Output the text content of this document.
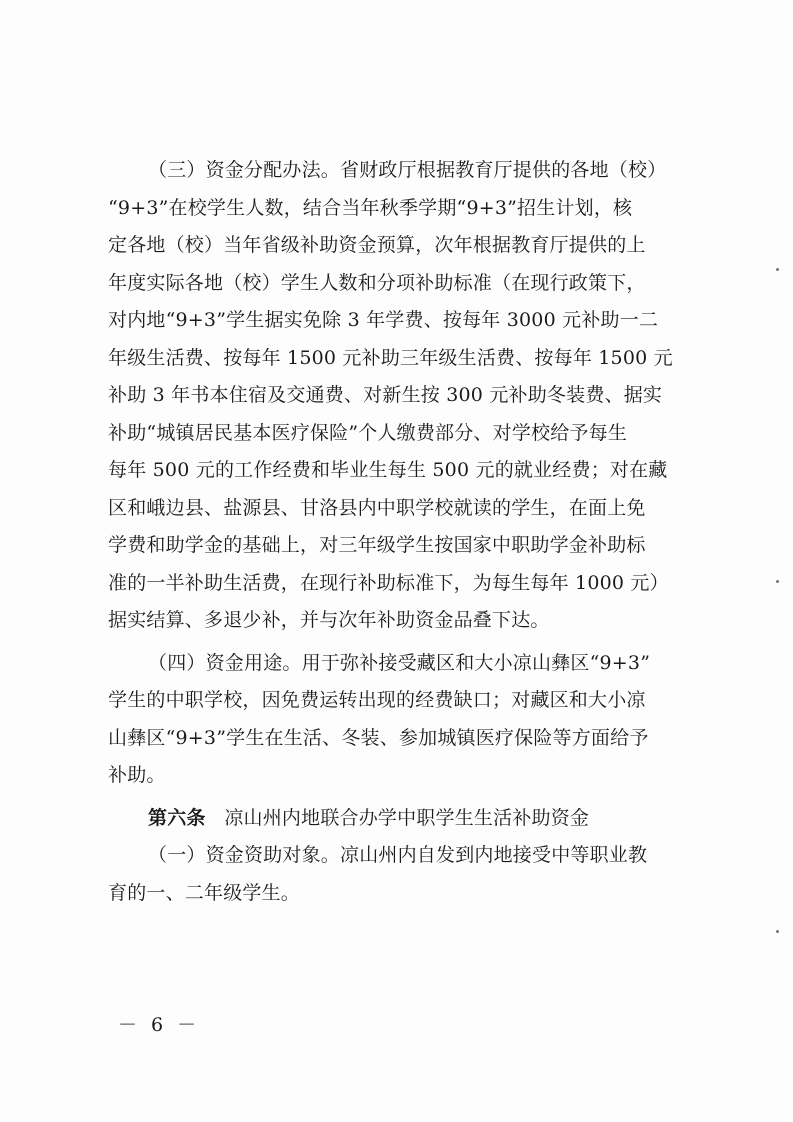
（三）资金分配办法。省财政厅根据教育厅提供的各地（校）
“9+3”在校学生人数，结合当年秋季学期“9+3”招生计划，核
定各地（校）当年省级补助资金预算，次年根据教育厅提供的上
年度实际各地（校）学生人数和分项补助标准（在现行政策下，
对内地“9+3”学生据实免除 3 年学费、按每年 3000 元补助一二
年级生活费、按每年 1500 元补助三年级生活费、按每年 1500 元
补助 3 年书本住宿及交通费、对新生按 300 元补助冬装费、据实
补助“城镇居民基本医疗保险”个人缴费部分、对学校给予每生
每年 500 元的工作经费和毕业生每生 500 元的就业经费；对在藏
区和峨边县、盐源县、甘洛县内中职学校就读的学生，在面上免
学费和助学金的基础上，对三年级学生按国家中职助学金补助标
准的一半补助生活费，在现行补助标准下，为每生每年 1000 元）
据实结算、多退少补，并与次年补助资金品叠下达。
（四）资金用途。用于弥补接受藏区和大小凉山彝区“9+3”
学生的中职学校，因免费运转出现的经费缺口；对藏区和大小凉
山彝区“9+3”学生在生活、冬装、参加城镇医疗保险等方面给予
补助。
第六条 凉山州内地联合办学中职学生生活补助资金
（一）资金资助对象。凉山州内自发到内地接受中等职业教
育的一、二年级学生。
－ 6 －
